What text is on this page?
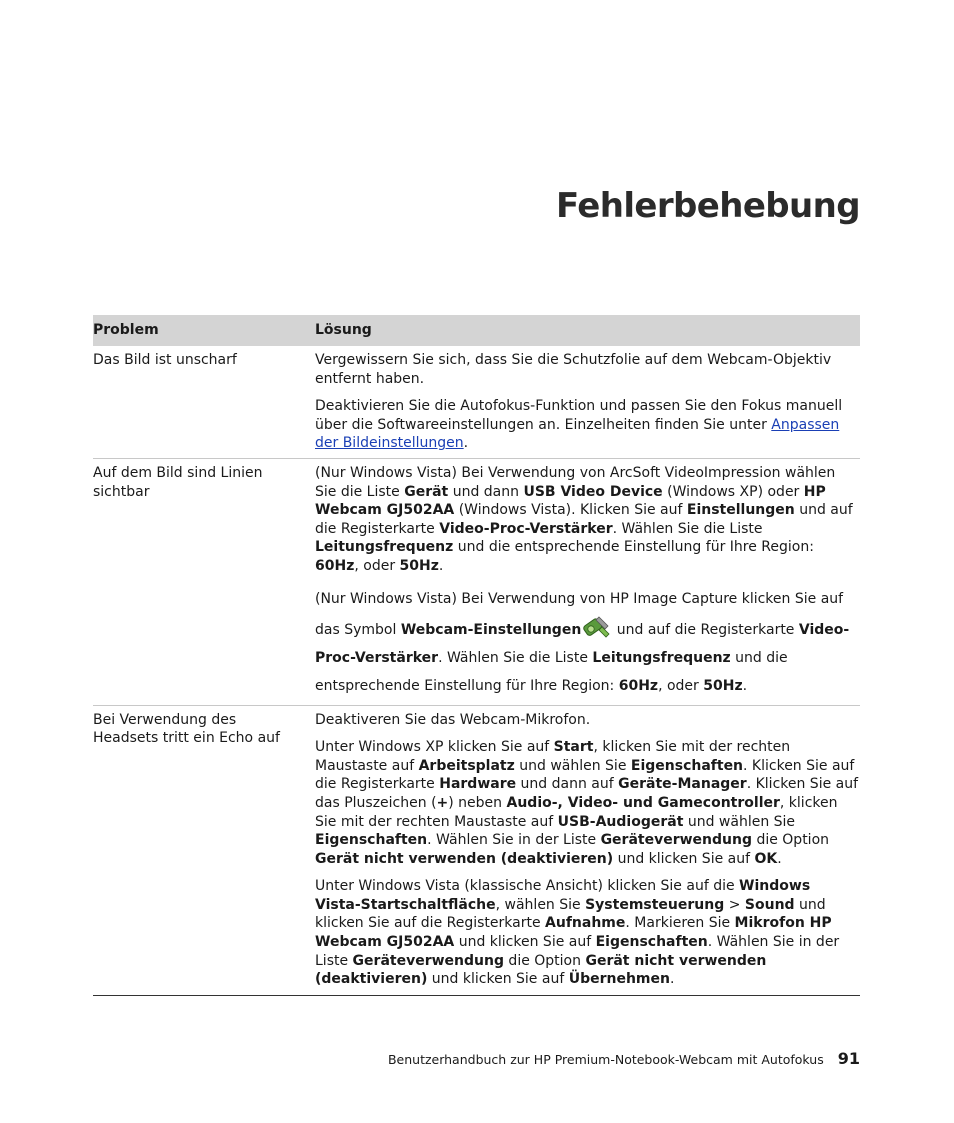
Fehlerbehebung
Problem	Lösung
Das Bild ist unscharf	Vergewissern Sie sich, dass Sie die Schutzfolie auf dem Webcam-Objektiv entfernt haben.

Deaktivieren Sie die Autofokus-Funktion und passen Sie den Fokus manuell über die Softwareeinstellungen an. Einzelheiten finden Sie unter Anpassen der Bildeinstellungen.

Auf dem Bild sind Linien sichtbar

(Nur Windows Vista) Bei Verwendung von ArcSoft VideoImpression wählen Sie die Liste Gerät und dann USB Video Device (Windows XP) oder HP Webcam GJ502AA (Windows Vista). Klicken Sie auf Einstellungen und auf die Registerkarte Video-Proc-Verstärker. Wählen Sie die Liste Leitungsfrequenz und die entsprechende Einstellung für Ihre Region: 60Hz, oder 50Hz.

(Nur Windows Vista) Bei Verwendung von HP Image Capture klicken Sie auf das Symbol Webcam-Einstellungen und auf die Registerkarte Video-Proc-Verstärker. Wählen Sie die Liste Leitungsfrequenz und die entsprechende Einstellung für Ihre Region: 60Hz, oder 50Hz.

Bei Verwendung des Headsets tritt ein Echo auf

Deaktiveren Sie das Webcam-Mikrofon.

Unter Windows XP klicken Sie auf Start, klicken Sie mit der rechten Maustaste auf Arbeitsplatz und wählen Sie Eigenschaften. Klicken Sie auf die Registerkarte Hardware und dann auf Geräte-Manager. Klicken Sie auf das Pluszeichen (+) neben Audio-, Video- und Gamecontroller, klicken Sie mit der rechten Maustaste auf USB-Audiogerät und wählen Sie Eigenschaften. Wählen Sie in der Liste Geräteverwendung die Option Gerät nicht verwenden (deaktivieren) und klicken Sie auf OK.

Unter Windows Vista (klassische Ansicht) klicken Sie auf die Windows Vista-Startschaltfläche, wählen Sie Systemsteuerung > Sound und klicken Sie auf die Registerkarte Aufnahme. Markieren Sie Mikrofon HP Webcam GJ502AA und klicken Sie auf Eigenschaften. Wählen Sie in der Liste Geräteverwendung die Option Gerät nicht verwenden (deaktivieren) und klicken Sie auf Übernehmen.

Benutzerhandbuch zur HP Premium-Notebook-Webcam mit Autofokus 91
